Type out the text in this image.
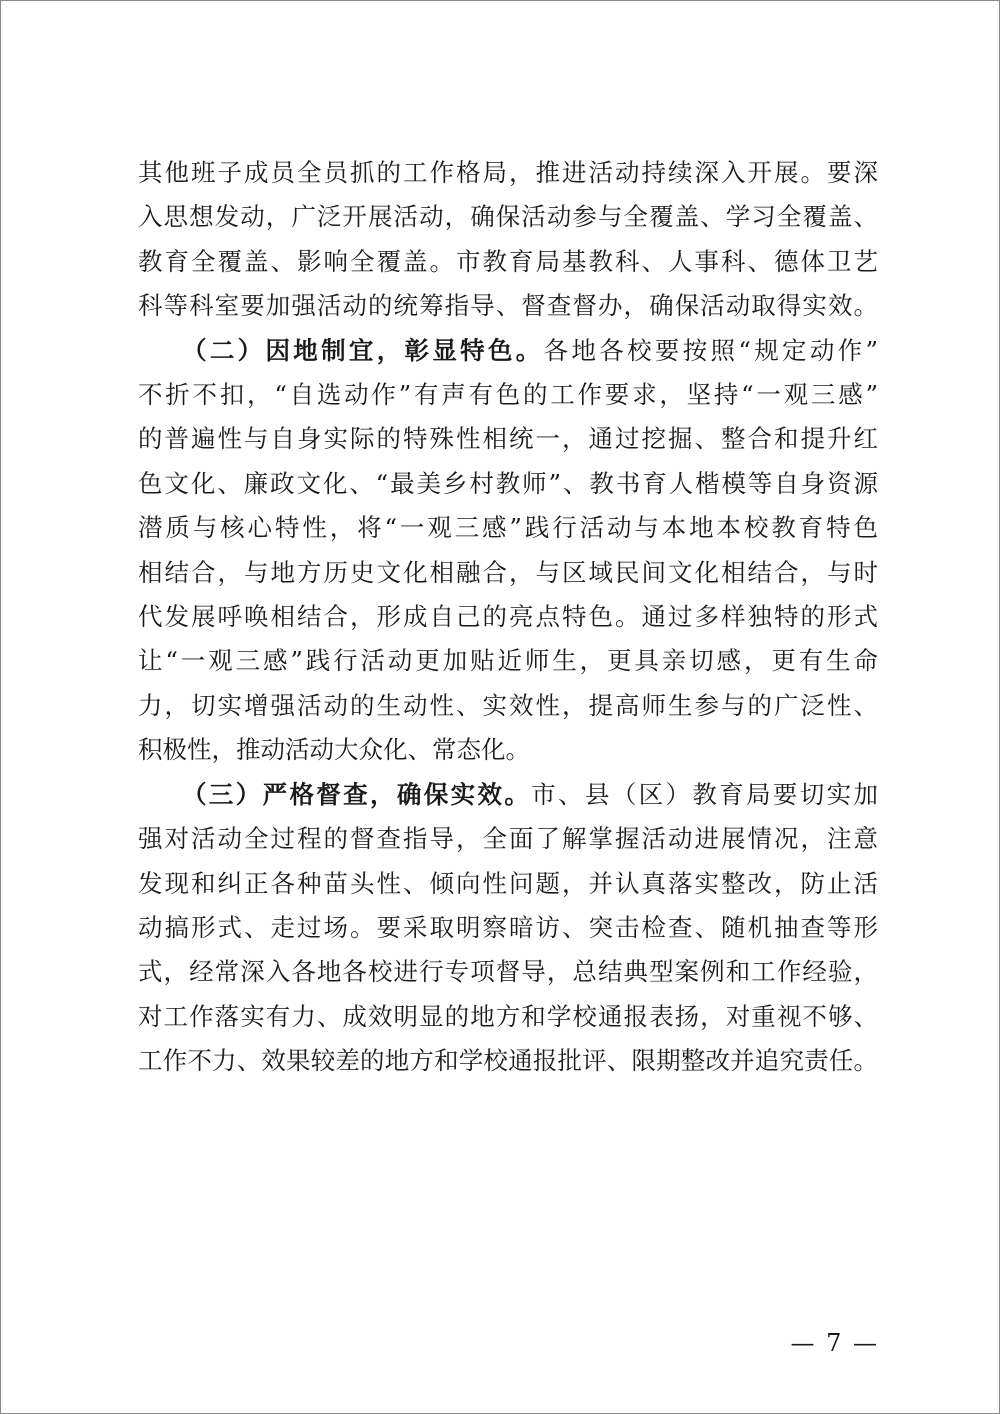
其他班子成员全员抓的工作格局，推进活动持续深入开展。要深
入思想发动，广泛开展活动，确保活动参与全覆盖、学习全覆盖、
教育全覆盖、影响全覆盖。市教育局基教科、人事科、德体卫艺
科等科室要加强活动的统筹指导、督查督办，确保活动取得实效。

（二）因地制宜，彰显特色。各地各校要按照“规定动作”
不折不扣，“自选动作”有声有色的工作要求，坚持“一观三感”
的普遍性与自身实际的特殊性相统一，通过挖掘、整合和提升红
色文化、廉政文化、“最美乡村教师”、教书育人楷模等自身资源
潜质与核心特性，将“一观三感”践行活动与本地本校教育特色
相结合，与地方历史文化相融合，与区域民间文化相结合，与时
代发展呼唤相结合，形成自己的亮点特色。通过多样独特的形式
让“一观三感”践行活动更加贴近师生，更具亲切感，更有生命
力，切实增强活动的生动性、实效性，提高师生参与的广泛性、
积极性，推动活动大众化、常态化。

（三）严格督查，确保实效。市、县（区）教育局要切实加
强对活动全过程的督查指导，全面了解掌握活动进展情况，注意
发现和纠正各种苗头性、倾向性问题，并认真落实整改，防止活
动搞形式、走过场。要采取明察暗访、突击检查、随机抽查等形
式，经常深入各地各校进行专项督导，总结典型案例和工作经验，
对工作落实有力、成效明显的地方和学校通报表扬，对重视不够、
工作不力、效果较差的地方和学校通报批评、限期整改并追究责任。

— 7 —
